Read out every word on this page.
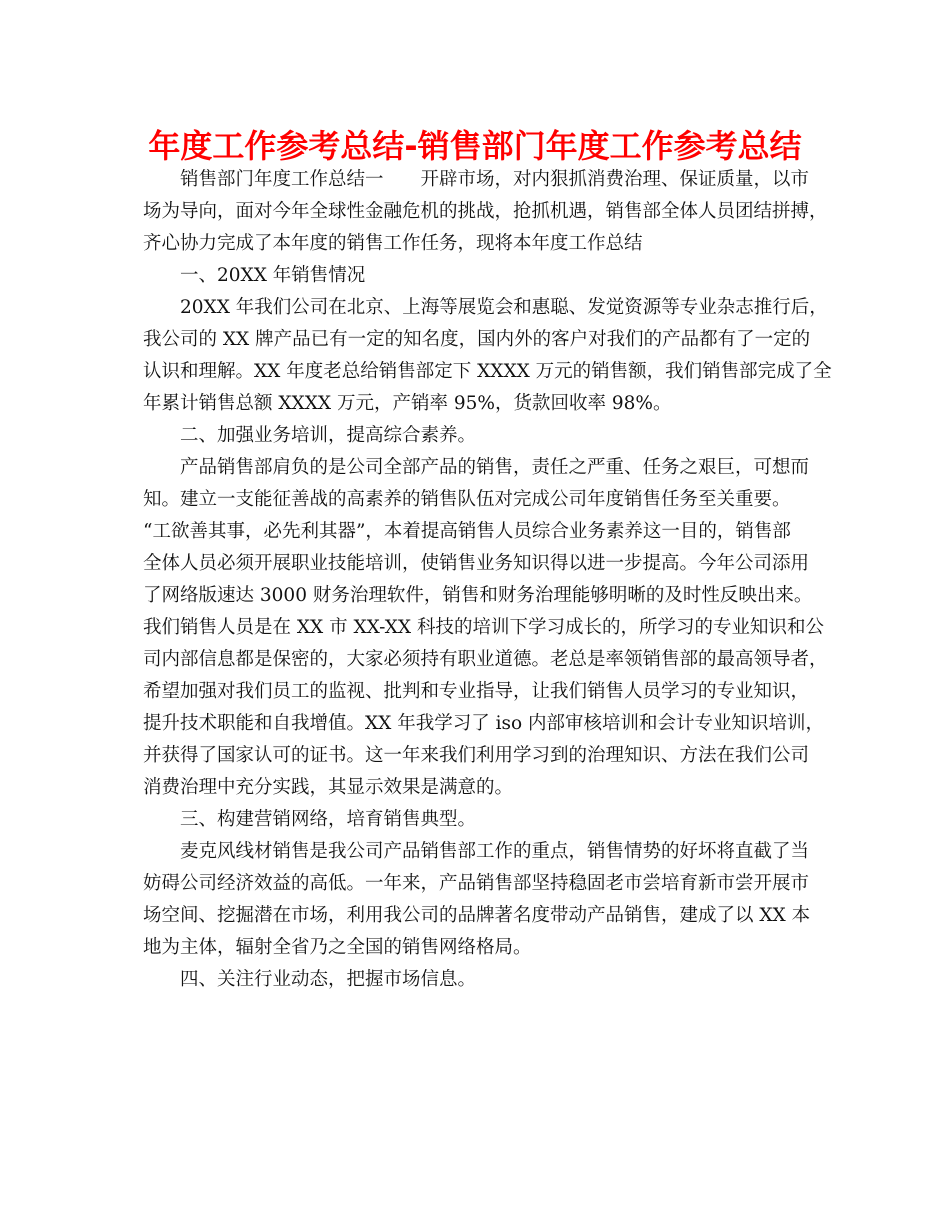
年度工作参考总结-销售部门年度工作参考总结
销售部门年度工作总结一　　开辟市场，对内狠抓消费治理、保证质量，以市
场为导向，面对今年全球性金融危机的挑战，抢抓机遇，销售部全体人员团结拼搏，
齐心协力完成了本年度的销售工作任务，现将本年度工作总结
一、20XX 年销售情况
20XX 年我们公司在北京、上海等展览会和惠聪、发觉资源等专业杂志推行后，
我公司的 XX 牌产品已有一定的知名度，国内外的客户对我们的产品都有了一定的
认识和理解。XX 年度老总给销售部定下 XXXX 万元的销售额，我们销售部完成了全
年累计销售总额 XXXX 万元，产销率 95%，货款回收率 98%。
二、加强业务培训，提高综合素养。
产品销售部肩负的是公司全部产品的销售，责任之严重、任务之艰巨，可想而
知。建立一支能征善战的高素养的销售队伍对完成公司年度销售任务至关重要。
“工欲善其事，必先利其器”，本着提高销售人员综合业务素养这一目的，销售部
全体人员必须开展职业技能培训，使销售业务知识得以进一步提高。今年公司添用
了网络版速达 3000 财务治理软件，销售和财务治理能够明晰的及时性反映出来。
我们销售人员是在 XX 市 XX-XX 科技的培训下学习成长的，所学习的专业知识和公
司内部信息都是保密的，大家必须持有职业道德。老总是率领销售部的最高领导者，
希望加强对我们员工的监视、批判和专业指导，让我们销售人员学习的专业知识，
提升技术职能和自我增值。XX 年我学习了 iso 内部审核培训和会计专业知识培训，
并获得了国家认可的证书。这一年来我们利用学习到的治理知识、方法在我们公司
消费治理中充分实践，其显示效果是满意的。
三、构建营销网络，培育销售典型。
麦克风线材销售是我公司产品销售部工作的重点，销售情势的好坏将直截了当
妨碍公司经济效益的高低。一年来，产品销售部坚持稳固老市尝培育新市尝开展市
场空间、挖掘潜在市场，利用我公司的品牌著名度带动产品销售，建成了以 XX 本
地为主体，辐射全省乃之全国的销售网络格局。
四、关注行业动态，把握市场信息。
